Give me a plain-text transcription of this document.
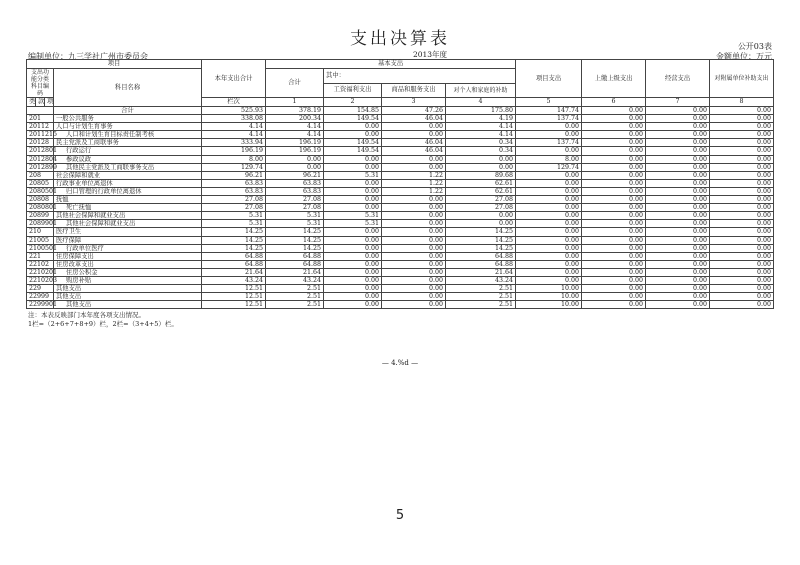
支出决算表	公开03表
编制单位：九三学社广州市委员会	2013年度	金额单位：万元
项目				本年支出合计	基本支出				项目支出	上缴上级支出	经营支出	对附属单位补助支出	
支出功能分类科目编码			科目名称		合计	其中：							
						工资福利支出	商品和服务支出	对个人和家庭的补助					
类	款	项		栏次	1	2	3	4	5	6	7	8	
			合计	525.93	378.19	154.85	47.26	175.80	147.74	0.00	0.00	0.00	
201			一般公共服务	338.08	200.34	149.54	46.04	4.19	137.74	0.00	0.00	0.00	
20112			人口与计划生育事务	4.14	4.14	0.00	0.00	4.14	0.00	0.00	0.00	0.00	
2011215			人口和计划生育目标责任制考核	4.14	4.14	0.00	0.00	4.14	0.00	0.00	0.00	0.00	
20128			民主党派及工商联事务	333.94	196.19	149.54	46.04	0.34	137.74	0.00	0.00	0.00	
2012801			行政运行	196.19	196.19	149.54	46.04	0.34	0.00	0.00	0.00	0.00	
2012804			参政议政	8.00	0.00	0.00	0.00	0.00	8.00	0.00	0.00	0.00	
2012899			其他民主党派及工商联事务支出	129.74	0.00	0.00	0.00	0.00	129.74	0.00	0.00	0.00	
208			社会保障和就业	96.21	96.21	5.31	1.22	89.68	0.00	0.00	0.00	0.00	
20805			行政事业单位离退休	63.83	63.83	0.00	1.22	62.61	0.00	0.00	0.00	0.00	
2080501			归口管理的行政单位离退休	63.83	63.83	0.00	1.22	62.61	0.00	0.00	0.00	0.00	
20808			抚恤	27.08	27.08	0.00	0.00	27.08	0.00	0.00	0.00	0.00	
2080801			死亡抚恤	27.08	27.08	0.00	0.00	27.08	0.00	0.00	0.00	0.00	
20899			其他社会保障和就业支出	5.31	5.31	5.31	0.00	0.00	0.00	0.00	0.00	0.00	
2089901			其他社会保障和就业支出	5.31	5.31	5.31	0.00	0.00	0.00	0.00	0.00	0.00	
210			医疗卫生	14.25	14.25	0.00	0.00	14.25	0.00	0.00	0.00	0.00	
21005			医疗保障	14.25	14.25	0.00	0.00	14.25	0.00	0.00	0.00	0.00	
2100501			行政单位医疗	14.25	14.25	0.00	0.00	14.25	0.00	0.00	0.00	0.00	
221			住房保障支出	64.88	64.88	0.00	0.00	64.88	0.00	0.00	0.00	0.00	
22102			住房改革支出	64.88	64.88	0.00	0.00	64.88	0.00	0.00	0.00	0.00	
2210201			住房公积金	21.64	21.64	0.00	0.00	21.64	0.00	0.00	0.00	0.00	
2210203			购房补贴	43.24	43.24	0.00	0.00	43.24	0.00	0.00	0.00	0.00	
229			其他支出	12.51	2.51	0.00	0.00	2.51	10.00	0.00	0.00	0.00	
22999			其他支出	12.51	2.51	0.00	0.00	2.51	10.00	0.00	0.00	0.00	
2299901			其他支出	12.51	2.51	0.00	0.00	2.51	10.00	0.00	0.00	0.00	
注：本表反映部门本年度各项支出情况。
1栏=（2+6+7+8+9）栏，2栏=（3+4+5）栏。
— 4.%d —
5
